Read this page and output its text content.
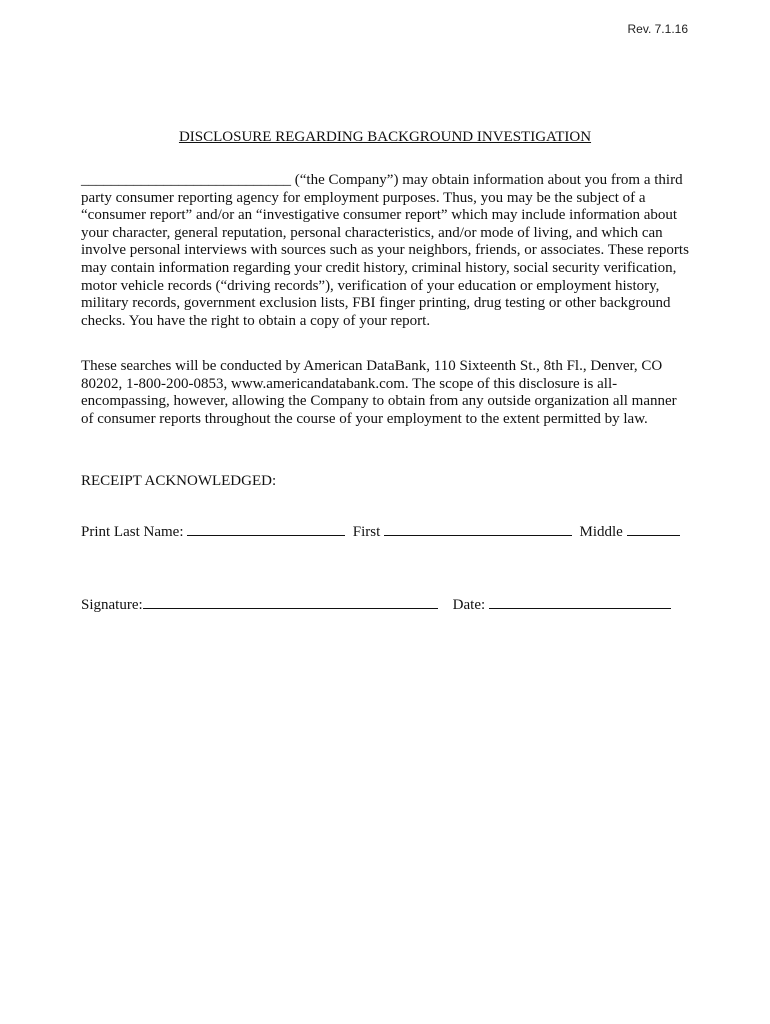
Rev. 7.1.16
DISCLOSURE REGARDING BACKGROUND INVESTIGATION

____________________________ (“the Company”) may obtain information about you from a third party consumer reporting agency for employment purposes. Thus, you may be the subject of a “consumer report” and/or an “investigative consumer report” which may include information about your character, general reputation, personal characteristics, and/or mode of living, and which can involve personal interviews with sources such as your neighbors, friends, or associates. These reports may contain information regarding your credit history, criminal history, social security verification, motor vehicle records (“driving records”), verification of your education or employment history, military records, government exclusion lists, FBI finger printing, drug testing or other background checks. You have the right to obtain a copy of your report.

These searches will be conducted by American DataBank, 110 Sixteenth St., 8th Fl., Denver, CO 80202, 1-800-200-0853, www.americandatabank.com. The scope of this disclosure is all-encompassing, however, allowing the Company to obtain from any outside organization all manner of consumer reports throughout the course of your employment to the extent permitted by law.

RECEIPT ACKNOWLEDGED:
Print Last Name:	First	Middle
Signature:	Date:
